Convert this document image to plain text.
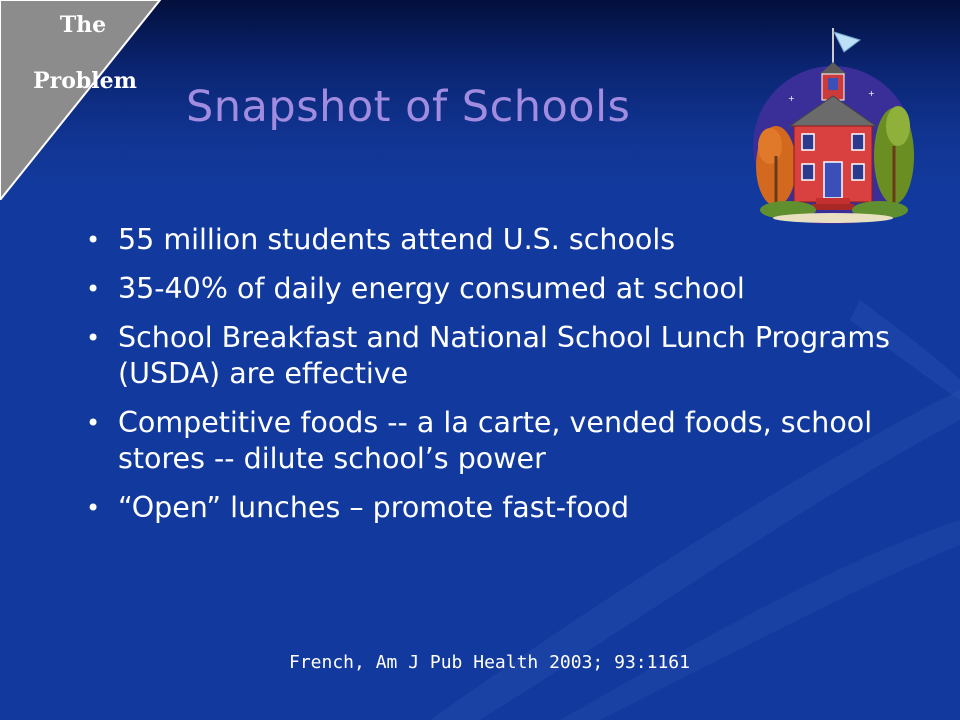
The
Problem
Snapshot of Schools	+
+
• 55 million students attend U.S. schools
• 35-40% of daily energy consumed at school
• School Breakfast and National School Lunch Programs (USDA) are effective
• Competitive foods -- a la carte, vended foods, school stores -- dilute school’s power
• “Open” lunches – promote fast-food

French, Am J Pub Health 2003; 93:1161
